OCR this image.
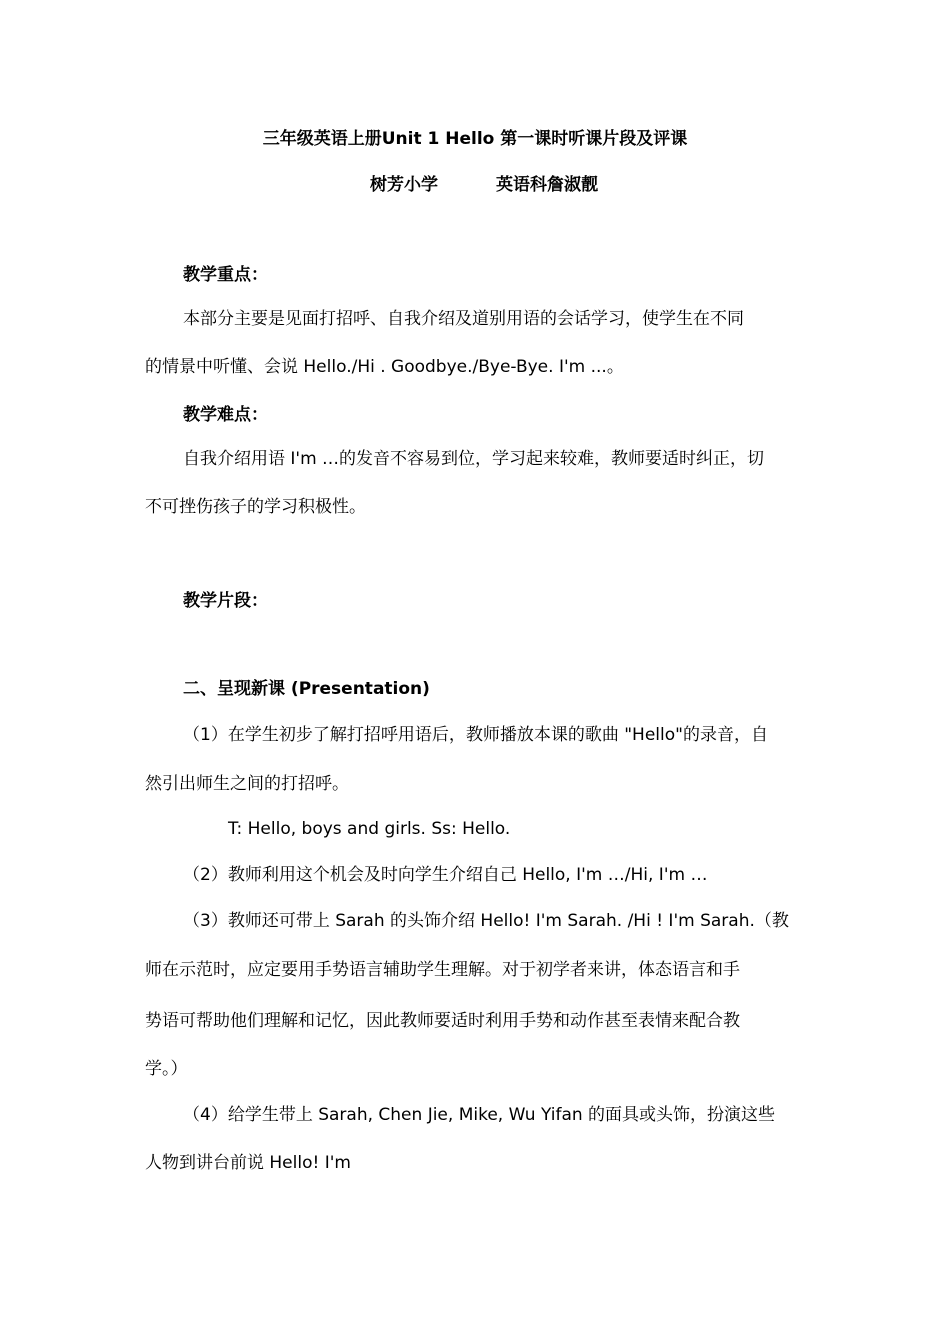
三年级英语上册Unit 1 Hello 第一课时听课片段及评课
树芳小学	英语科詹淑靓
教学重点：
本部分主要是见面打招呼、自我介绍及道别用语的会话学习，使学生在不同
的情景中听懂、会说 Hello./Hi . Goodbye./Bye-Bye. I'm ...。
教学难点：
自我介绍用语 I'm …的发音不容易到位，学习起来较难，教师要适时纠正，切
不可挫伤孩子的学习积极性。
教学片段：
二、呈现新课 (Presentation)
（1）在学生初步了解打招呼用语后，教师播放本课的歌曲 "Hello"的录音，自
然引出师生之间的打招呼。
T: Hello, boys and girls. Ss: Hello.
（2）教师利用这个机会及时向学生介绍自己 Hello, I'm …/Hi, I'm …
（3）教师还可带上 Sarah 的头饰介绍 Hello! I'm Sarah. /Hi ! I'm Sarah.（教
师在示范时，应定要用手势语言辅助学生理解。对于初学者来讲，体态语言和手
势语可帮助他们理解和记忆，因此教师要适时利用手势和动作甚至表情来配合教
学。）
（4）给学生带上 Sarah, Chen Jie, Mike, Wu Yifan 的面具或头饰，扮演这些
人物到讲台前说 Hello! I'm
